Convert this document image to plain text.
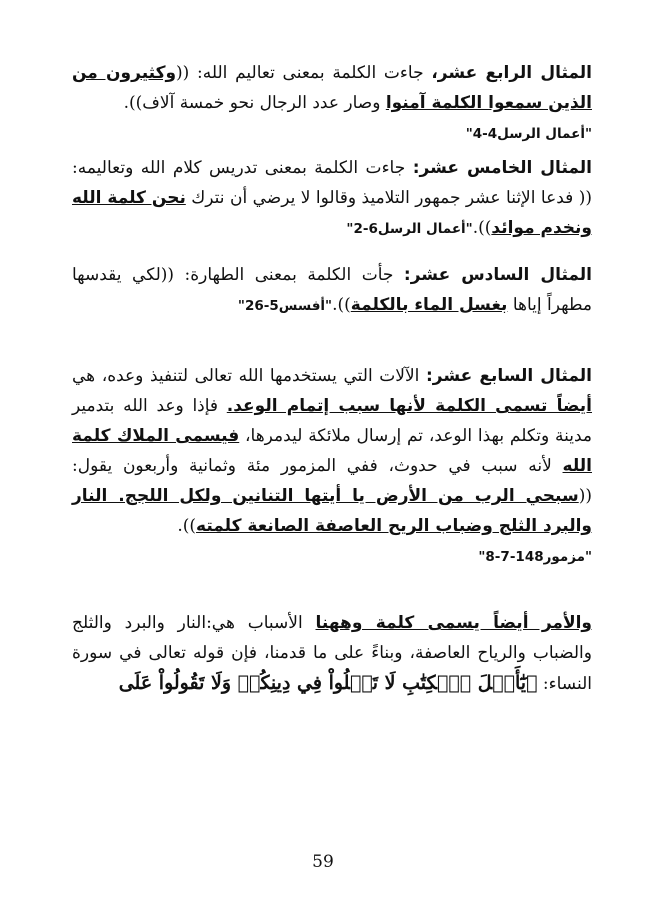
المثال الرابع عشر، جاءت الكلمة بمعنى تعاليم الله: ((وكثيرون من الذين سمعوا الكلمة آمنوا وصار عدد الرجال نحو خمسة آلاف)).

"أعمال الرسل4-4"

المثال الخامس عشر: جاءت الكلمة بمعنى تدريس كلام الله وتعاليمه: (( فدعا الإثنا عشر جمهور التلاميذ وقالوا لا يرضي أن نترك نحن كلمة الله ونخدم موائد))."أعمال الرسل6-2"

المثال السادس عشر: جأت الكلمة بمعنى الطهارة: ((لكي يقدسها مطهراً إياها بغسل الماء بالكلمة))."أفسس5-26"

المثال السابع عشر: الآلات التي يستخدمها الله تعالى لتنفيذ وعده، هي أيضاً تسمى الكلمة لأنها سبب إتمام الوعد. فإذا وعد الله بتدمير مدينة وتكلم بهذا الوعد، تم إرسال ملائكة ليدمرها، فيسمى الملاك كلمة الله لأنه سبب في حدوث، ففي المزمور مئة وثمانية وأربعون يقول: ((سبحي الرب من الأرض يا أيتها التنانين ولكل اللجج. النار والبرد الثلج وضباب الريح العاصفة الصانعة كلمته)).

"مزمور148-7-8"

والأمر أيضاً يسمى كلمة وههنا الأسباب هي:النار والبرد والثلج والضباب والرياح العاصفة، وبناءً على ما قدمنا، فإن قوله تعالى في سورة النساء: ﴿يَٰٓأَهۡلَ ٱلۡكِتَٰبِ لَا تَغۡلُواْ فِي دِينِكُمۡ وَلَا تَقُولُواْ عَلَى

59
